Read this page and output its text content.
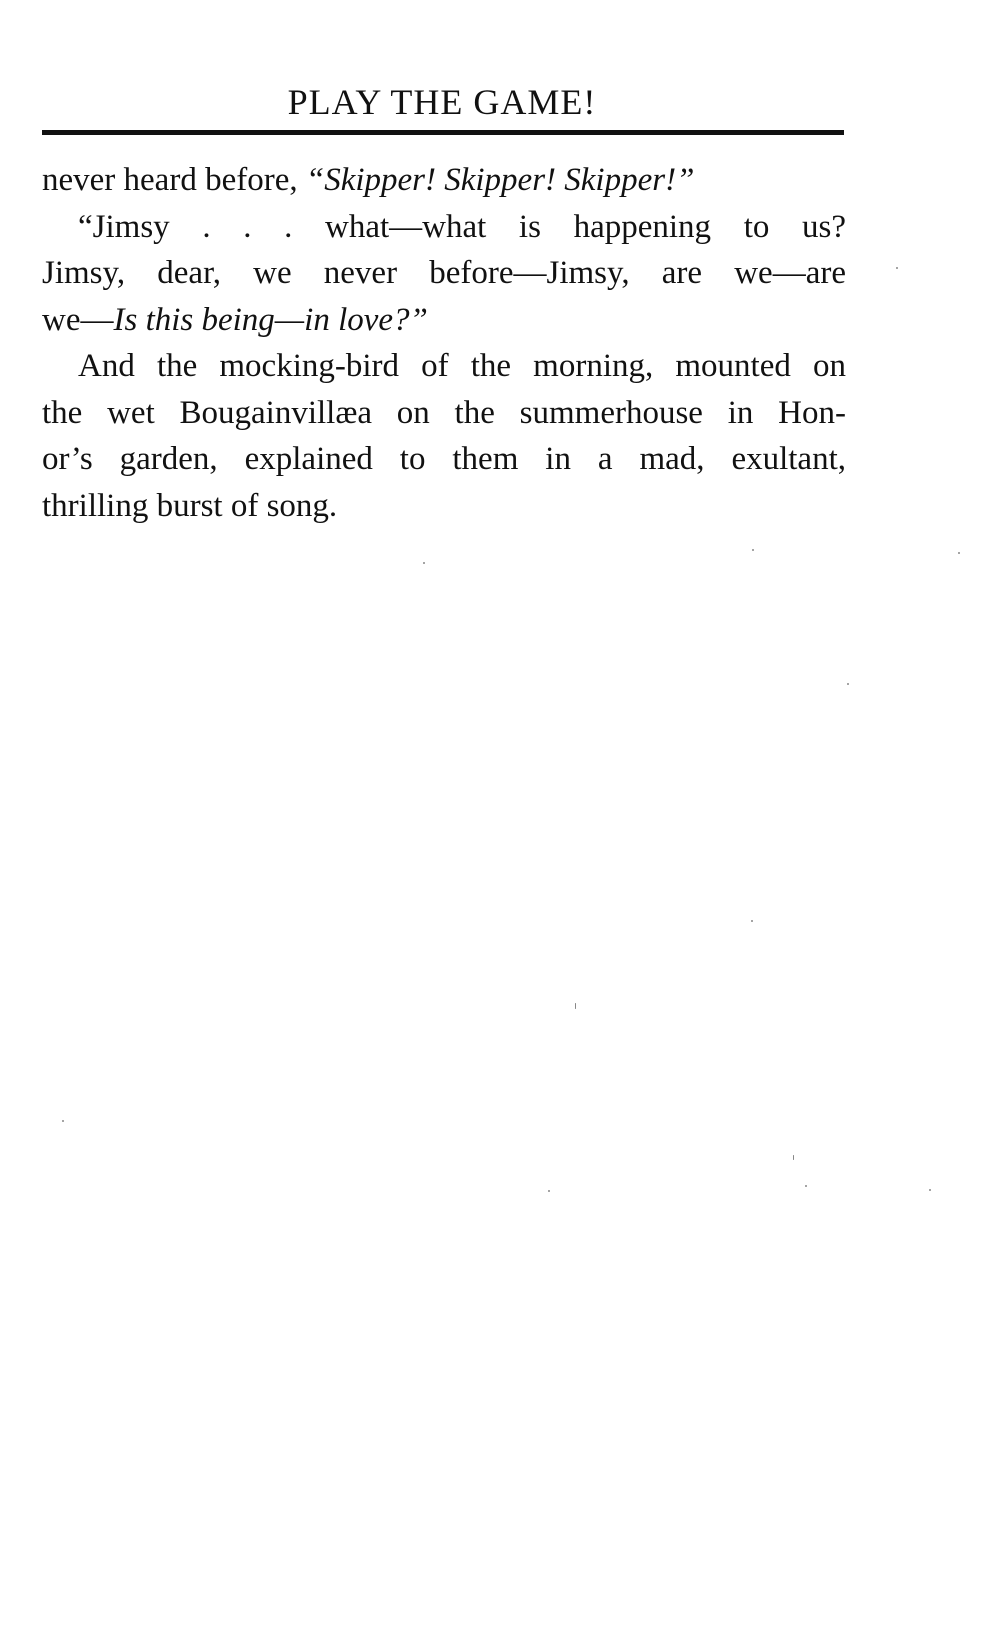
PLAY THE GAME!
never heard before, “Skipper! Skipper! Skipper!”
“Jimsy . . . what—what is happening to us?
Jimsy, dear, we never before—Jimsy, are we—are
we—Is this being—in love?”
And the mocking-bird of the morning, mounted on
the wet Bougainvillæa on the summerhouse in Hon-
or’s garden, explained to them in a mad, exultant,
thrilling burst of song.
